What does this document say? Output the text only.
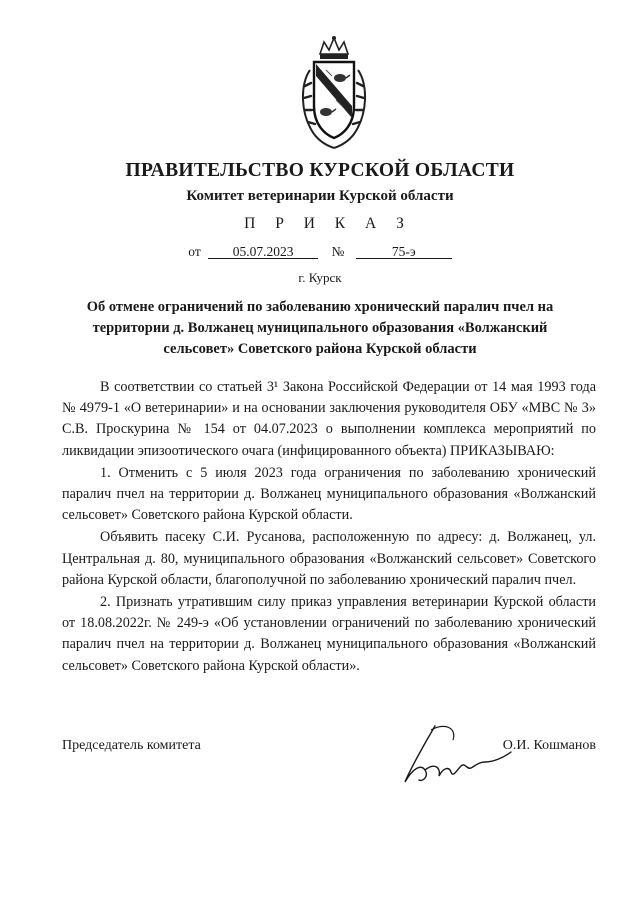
ПРАВИТЕЛЬСТВО КУРСКОЙ ОБЛАСТИ
Комитет ветеринарии Курской области
П Р И К А З
от 05.07.2023	№	75-э
г. Курск
Об отмене ограничений по заболеванию хронический паралич пчел на территории д. Волжанец муниципального образования «Волжанский сельсовет» Советского района Курской области

В соответствии со статьей 3¹ Закона Российской Федерации от 14 мая 1993 года № 4979-1 «О ветеринарии» и на основании заключения руководителя ОБУ «МВС № 3» С.В. Проскурина № 154 от 04.07.2023 о выполнении комплекса мероприятий по ликвидации эпизоотического очага (инфицированного объекта) ПРИКАЗЫВАЮ:

1. Отменить с 5 июля 2023 года ограничения по заболеванию хронический паралич пчел на территории д. Волжанец муниципального образования «Волжанский сельсовет» Советского района Курской области.

Объявить пасеку С.И. Русанова, расположенную по адресу: д. Волжанец, ул. Центральная д. 80, муниципального образования «Волжанский сельсовет» Советского района Курской области, благополучной по заболеванию хронический паралич пчел.

2. Признать утратившим силу приказ управления ветеринарии Курской области от 18.08.2022г. № 249-э «Об установлении ограничений по заболеванию хронический паралич пчел на территории д. Волжанец муниципального образования «Волжанский сельсовет» Советского района Курской области».

Председатель комитета	О.И. Кошманов
